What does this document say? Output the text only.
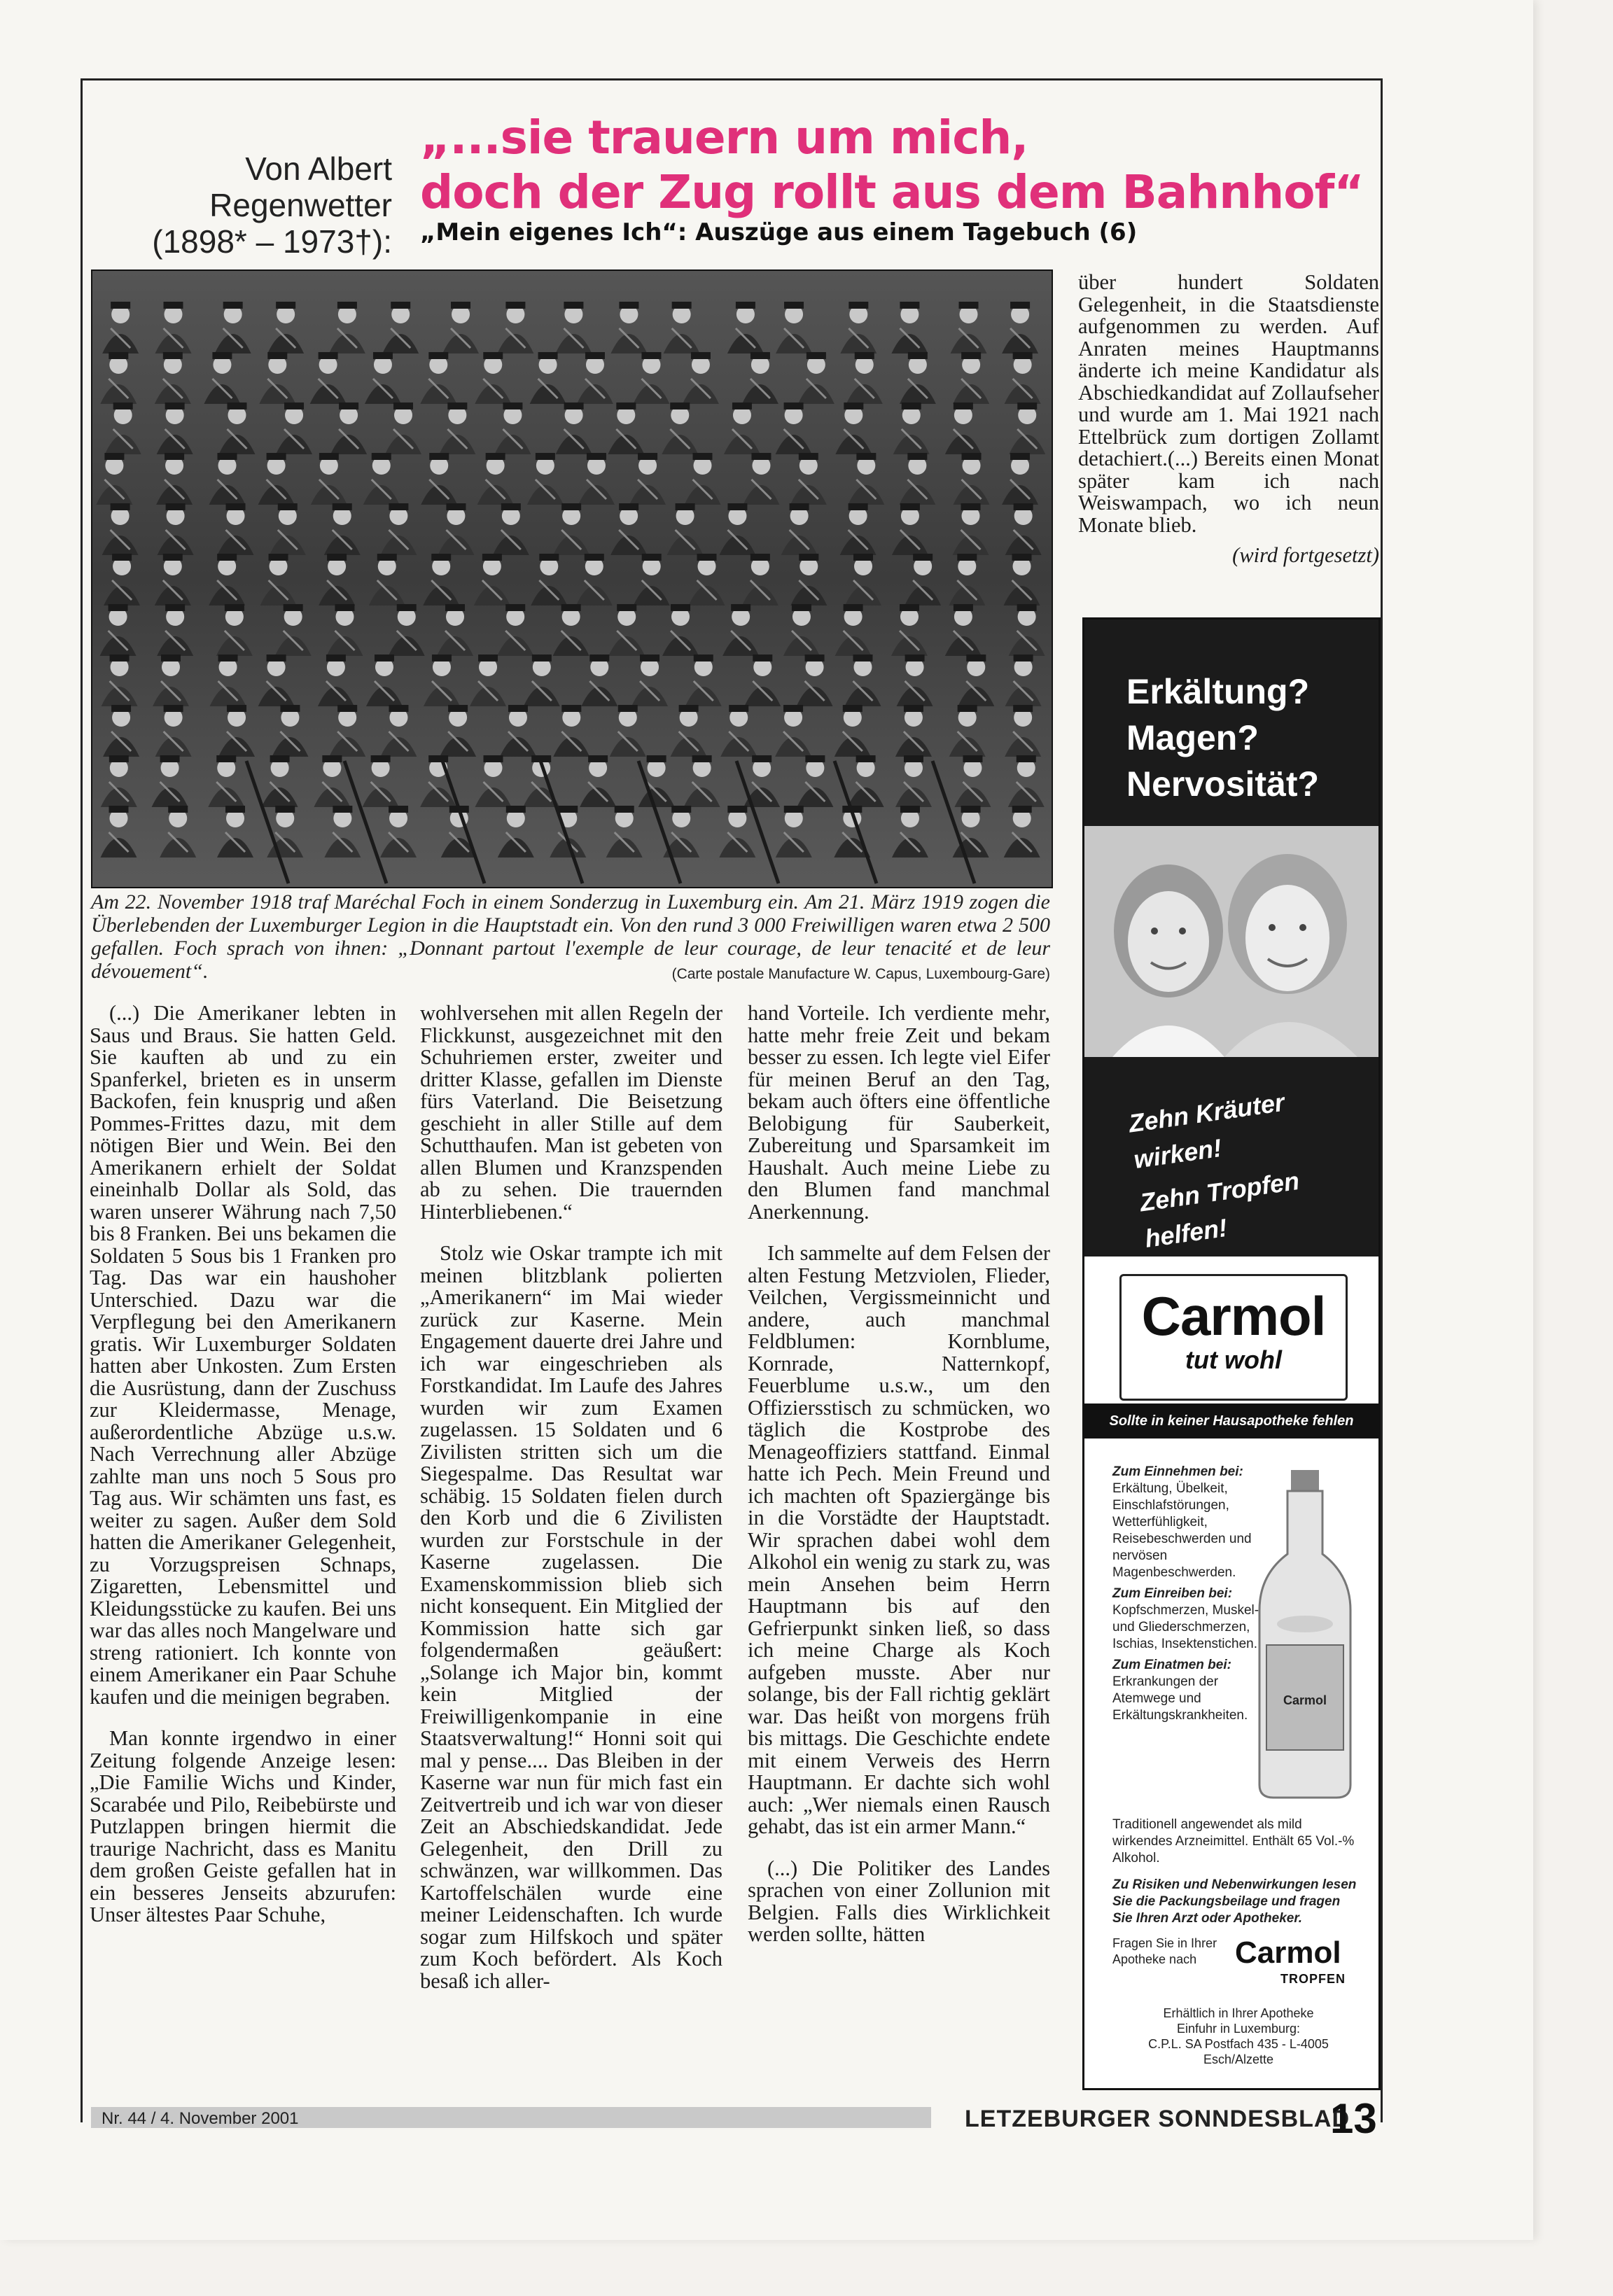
Von Albert
Regenwetter
(1898* – 1973†):
„...sie trauern um mich,
doch der Zug rollt aus dem Bahnhof“
„Mein eigenes Ich“: Auszüge aus einem Tagebuch (6)
Am 22. November 1918 traf Maréchal Foch in einem Sonderzug in Luxemburg ein. Am 21. März 1919 zogen die Überlebenden der Luxemburger Legion in die Hauptstadt ein. Von den rund 3 000 Freiwilligen waren etwa 2 500 gefallen. Foch sprach von ihnen: „Donnant partout l'exemple de leur courage, de leur tenacité et de leur dévouement“.	(Carte postale Manufacture W. Capus, Luxembourg-Gare)

(...) Die Amerikaner lebten in Saus und Braus. Sie hatten Geld. Sie kauften ab und zu ein Spanferkel, brieten es in unserm Backofen, fein knusprig und aßen Pommes-Frittes dazu, mit dem nötigen Bier und Wein. Bei den Amerikanern erhielt der Soldat eineinhalb Dollar als Sold, das waren unserer Währung nach 7,50 bis 8 Franken. Bei uns bekamen die Soldaten 5 Sous bis 1 Franken pro Tag. Das war ein haushoher Unterschied. Dazu war die Verpflegung bei den Amerikanern gratis. Wir Luxemburger Soldaten hatten aber Unkosten. Zum Ersten die Ausrüstung, dann der Zuschuss zur Kleidermasse, Menage, außerordentliche Abzüge u.s.w. Nach Verrechnung aller Abzüge zahlte man uns noch 5 Sous pro Tag aus. Wir schämten uns fast, es weiter zu sagen. Außer dem Sold hatten die Amerikaner Gelegenheit, zu Vorzugspreisen Schnaps, Zigaretten, Lebensmittel und Kleidungsstücke zu kaufen. Bei uns war das alles noch Mangelware und streng rationiert. Ich konnte von einem Amerikaner ein Paar Schuhe kaufen und die meinigen begraben.

Man konnte irgendwo in einer Zeitung folgende Anzeige lesen: „Die Familie Wichs und Kinder, Scarabée und Pilo, Reibebürste und Putzlappen bringen hiermit die traurige Nachricht, dass es Manitu dem großen Geiste gefallen hat in ein besseres Jenseits abzurufen: Unser ältestes Paar Schuhe,

wohlversehen mit allen Regeln der Flickkunst, ausgezeichnet mit den Schuhriemen erster, zweiter und dritter Klasse, gefallen im Dienste fürs Vaterland. Die Beisetzung geschieht in aller Stille auf dem Schutthaufen. Man ist gebeten von allen Blumen und Kranzspenden ab zu sehen. Die trauernden Hinterbliebenen.“

Stolz wie Oskar trampte ich mit meinen blitzblank polierten „Amerikanern“ im Mai wieder zurück zur Kaserne. Mein Engagement dauerte drei Jahre und ich war eingeschrieben als Forstkandidat. Im Laufe des Jahres wurden wir zum Examen zugelassen. 15 Soldaten und 6 Zivilisten stritten sich um die Siegespalme. Das Resultat war schäbig. 15 Soldaten fielen durch den Korb und die 6 Zivilisten wurden zur Forstschule in der Kaserne zugelassen. Die Examenskommission blieb sich nicht konsequent. Ein Mitglied der Kommission hatte sich gar folgendermaßen geäußert: „Solange ich Major bin, kommt kein Mitglied der Freiwilligenkompanie in eine Staatsverwaltung!“ Honni soit qui mal y pense.... Das Bleiben in der Kaserne war nun für mich fast ein Zeitvertreib und ich war von dieser Zeit an Abschiedskandidat. Jede Gelegenheit, den Drill zu schwänzen, war willkommen. Das Kartoffelschälen wurde eine meiner Leidenschaften. Ich wurde sogar zum Hilfskoch und später zum Koch befördert. Als Koch besaß ich aller-

hand Vorteile. Ich verdiente mehr, hatte mehr freie Zeit und bekam besser zu essen. Ich legte viel Eifer für meinen Beruf an den Tag, bekam auch öfters eine öffentliche Belobigung für Sauberkeit, Zubereitung und Sparsamkeit im Haushalt. Auch meine Liebe zu den Blumen fand manchmal Anerkennung.

Ich sammelte auf dem Felsen der alten Festung Metzviolen, Flieder, Veilchen, Vergissmeinnicht und andere, auch manchmal Feldblumen: Kornblume, Kornrade, Natternkopf, Feuerblume u.s.w., um den Offiziersstisch zu schmücken, wo täglich die Kostprobe des Menageoffiziers stattfand. Einmal hatte ich Pech. Mein Freund und ich machten oft Spaziergänge bis in die Vorstädte der Hauptstadt. Wir sprachen dabei wohl dem Alkohol ein wenig zu stark zu, was mein Ansehen beim Herrn Hauptmann bis auf den Gefrierpunkt sinken ließ, so dass ich meine Charge als Koch aufgeben musste. Aber nur solange, bis der Fall richtig geklärt war. Das heißt von morgens früh bis mittags. Die Geschichte endete mit einem Verweis des Herrn Hauptmann. Er dachte sich wohl auch: „Wer niemals einen Rausch gehabt, das ist ein armer Mann.“

(...) Die Politiker des Landes sprachen von einer Zollunion mit Belgien. Falls dies Wirklichkeit werden sollte, hätten

über hundert Soldaten Gelegenheit, in die Staatsdienste aufgenommen zu werden. Auf Anraten meines Hauptmanns änderte ich meine Kandidatur als Abschiedkandidat auf Zollaufseher und wurde am 1. Mai 1921 nach Ettelbrück zum dortigen Zollamt detachiert.(...) Bereits einen Monat später kam ich nach Weiswampach, wo ich neun Monate blieb.

(wird fortgesetzt)

Erkältung?
Magen?
Nervosität?
Zehn Kräuter
wirken!
Zehn Tropfen
helfen!
Carmol
tut wohl
Sollte in keiner Hausapotheke fehlen
Zum Einnehmen bei:
Erkältung, Übelkeit, Einschlafstörungen, Wetterfühligkeit, Reisebeschwerden und nervösen Magenbeschwerden.
Zum Einreiben bei:
Kopfschmerzen, Muskel- und Gliederschmerzen, Ischias, Insektenstichen.
Zum Einatmen bei:
Erkrankungen der Atemwege und Erkältungskrankheiten.
Carmol
Traditionell angewendet als mild wirkendes Arzneimittel. Enthält 65 Vol.-% Alkohol.
Zu Risiken und Nebenwirkungen lesen Sie die Packungsbeilage und fragen Sie Ihren Arzt oder Apotheker.
Fragen Sie in Ihrer Apotheke nach	Carmol
TROPFEN
Erhältlich in Ihrer Apotheke
Einfuhr in Luxemburg:
C.P.L. SA Postfach 435 - L-4005 Esch/Alzette
Nr. 44 / 4. November 2001	LETZEBURGER SONNDESBLAD
13
